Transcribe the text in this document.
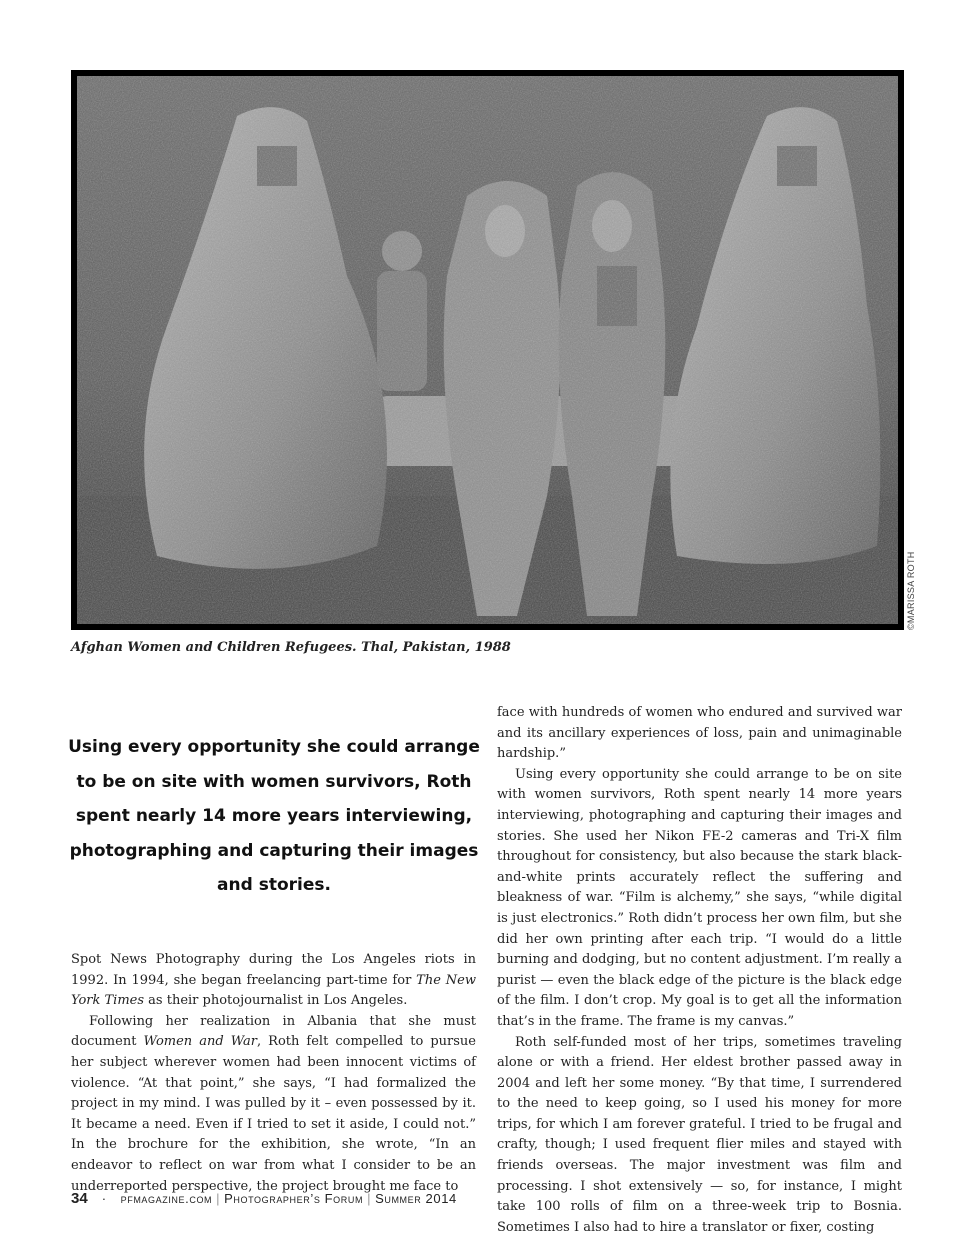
©MARISSA ROTH
Afghan Women and Children Refugees. Thal, Pakistan, 1988
Using every opportunity she could arrange to be on site with women survivors, Roth spent nearly 14 more years interviewing, photographing and capturing their images and stories.

Spot News Photography during the Los Angeles riots in 1992. In 1994, she began freelancing part-time for The New York Times as their photojournalist in Los Angeles.

Following her realization in Albania that she must document Women and War, Roth felt compelled to pursue her subject wherever women had been innocent victims of violence. “At that point,” she says, “I had formalized the project in my mind. I was pulled by it – even possessed by it. It became a need. Even if I tried to set it aside, I could not.” In the brochure for the exhibition, she wrote, “In an endeavor to reflect on war from what I consider to be an underreported perspective, the project brought me face to

face with hundreds of women who endured and survived war and its ancillary experiences of loss, pain and unimaginable hardship.”

Using every opportunity she could arrange to be on site with women survivors, Roth spent nearly 14 more years interviewing, photographing and capturing their images and stories. She used her Nikon FE-2 cameras and Tri-X film throughout for consistency, but also because the stark black-and-white prints accurately reflect the suffering and bleakness of war. “Film is alchemy,” she says, “while digital is just electronics.” Roth didn’t process her own film, but she did her own printing after each trip. “I would do a little burning and dodging, but no content adjustment. I’m really a purist — even the black edge of the picture is the black edge of the film. I don’t crop. My goal is to get all the information that’s in the frame. The frame is my canvas.”

Roth self-funded most of her trips, sometimes traveling alone or with a friend. Her eldest brother passed away in 2004 and left her some money. “By that time, I surrendered to the need to keep going, so I used his money for more trips, for which I am forever grateful. I tried to be frugal and crafty, though; I used frequent flier miles and stayed with friends overseas. The major investment was film and processing. I shot extensively — so, for instance, I might take 100 rolls of film on a three-week trip to Bosnia. Sometimes I also had to hire a translator or fixer, costing

34 · pfmagazine.com | Photographer’s Forum | Summer 2014
